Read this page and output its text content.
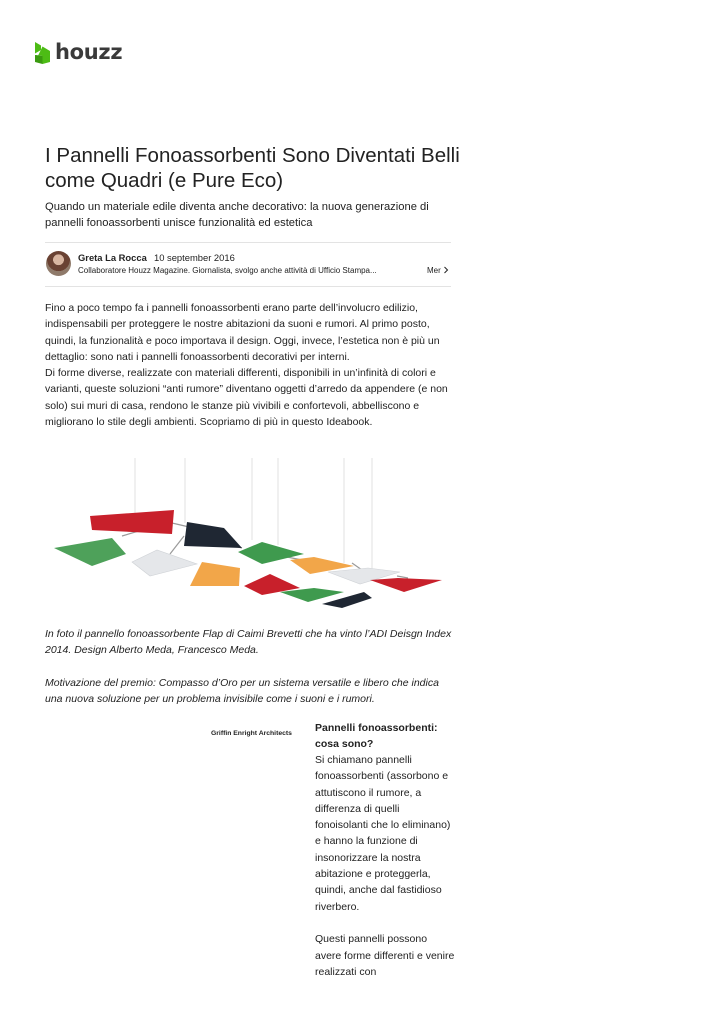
houzz
I Pannelli Fonoassorbenti Sono Diventati Belli come Quadri (e Pure Eco)

Quando un materiale edile diventa anche decorativo: la nuova generazione di pannelli fonoassorbenti unisce funzionalità ed estetica

Greta La Rocca 10 september 2016
Collaboratore Houzz Magazine. Giornalista, svolgo anche attività di Ufficio Stampa...	Mer

Fino a poco tempo fa i pannelli fonoassorbenti erano parte dell’involucro edilizio, indispensabili per proteggere le nostre abitazioni da suoni e rumori. Al primo posto, quindi, la funzionalità e poco importava il design. Oggi, invece, l’estetica non è più un dettaglio: sono nati i pannelli fonoassorbenti decorativi per interni.
Di forme diverse, realizzate con materiali differenti, disponibili in un’infinità di colori e varianti, queste soluzioni “anti rumore” diventano oggetti d’arredo da appendere (e non solo) sui muri di casa, rendono le stanze più vivibili e confortevoli, abbelliscono e migliorano lo stile degli ambienti. Scopriamo di più in questo Ideabook.

In foto il pannello fonoassorbente Flap di Caimi Brevetti che ha vinto l’ADI Deisgn Index 2014. Design Alberto Meda, Francesco Meda.

Motivazione del premio: Compasso d’Oro per un sistema versatile e libero che indica una nuova soluzione per un problema invisibile come i suoni e i rumori.

Griffin Enright Architects Pannelli fonoassorbenti: cosa sono?

Si chiamano pannelli fonoassorbenti (assorbono e attutiscono il rumore, a differenza di quelli fonoisolanti che lo eliminano) e hanno la funzione di insonorizzare la nostra abitazione e proteggerla, quindi, anche dal fastidioso riverbero.

Questi pannelli possono avere forme differenti e venire realizzati con
